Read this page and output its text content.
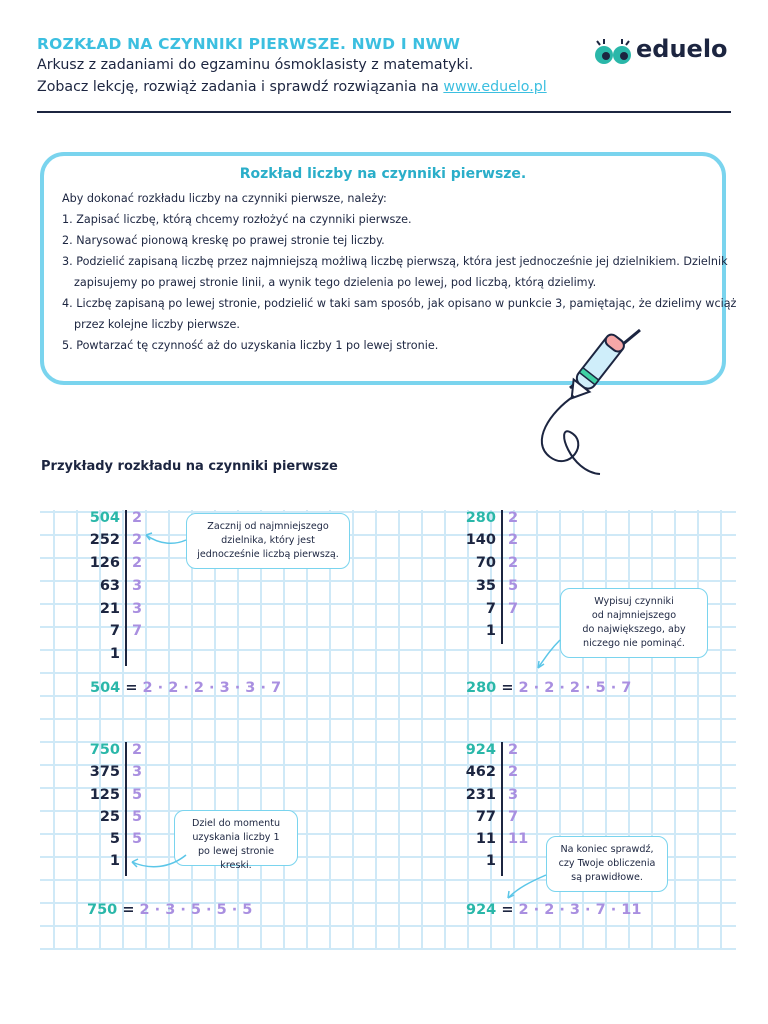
ROZKŁAD NA CZYNNIKI PIERWSZE. NWD I NWW
Arkusz z zadaniami do egzaminu ósmoklasisty z matematyki.
Zobacz lekcję, rozwiąż zadania i sprawdź rozwiązania na www.eduelo.pl
eduelo
Rozkład liczby na czynniki pierwsze.
Aby dokonać rozkładu liczby na czynniki pierwsze, należy:
1. Zapisać liczbę, którą chcemy rozłożyć na czynniki pierwsze.
2. Narysować pionową kreskę po prawej stronie tej liczby.
3. Podzielić zapisaną liczbę przez najmniejszą możliwą liczbę pierwszą, która jest jednocześnie jej dzielnikiem. Dzielnik
zapisujemy po prawej stronie linii, a wynik tego dzielenia po lewej, pod liczbą, którą dzielimy.
4. Liczbę zapisaną po lewej stronie, podzielić w taki sam sposób, jak opisano w punkcie 3, pamiętając, że dzielimy wciąż
przez kolejne liczby pierwsze.
5. Powtarzać tę czynność aż do uzyskania liczby 1 po lewej stronie.
Przykłady rozkładu na czynniki pierwsze
504
252
126
63
21
7
1
2
2
2
3
3
7
504 = 2 · 2 · 2 · 3 · 3 · 7
280
140
70
35
7
1
2
2
2
5
7
280 = 2 · 2 · 2 · 5 · 7
750
375
125
25
5
1
2
3
5
5
5
750 = 2 · 3 · 5 · 5 · 5
924
462
231
77
11
1
2
2
3
7
11
924 = 2 · 2 · 3 · 7 · 11
Zacznij od najmniejszego
dzielnika, który jest
jednocześnie liczbą pierwszą.
Wypisuj czynniki
od najmniejszego
do największego, aby
niczego nie pominąć.
Dziel do momentu
uzyskania liczby 1
po lewej stronie kreski.
Na koniec sprawdź,
czy Twoje obliczenia
są prawidłowe.
